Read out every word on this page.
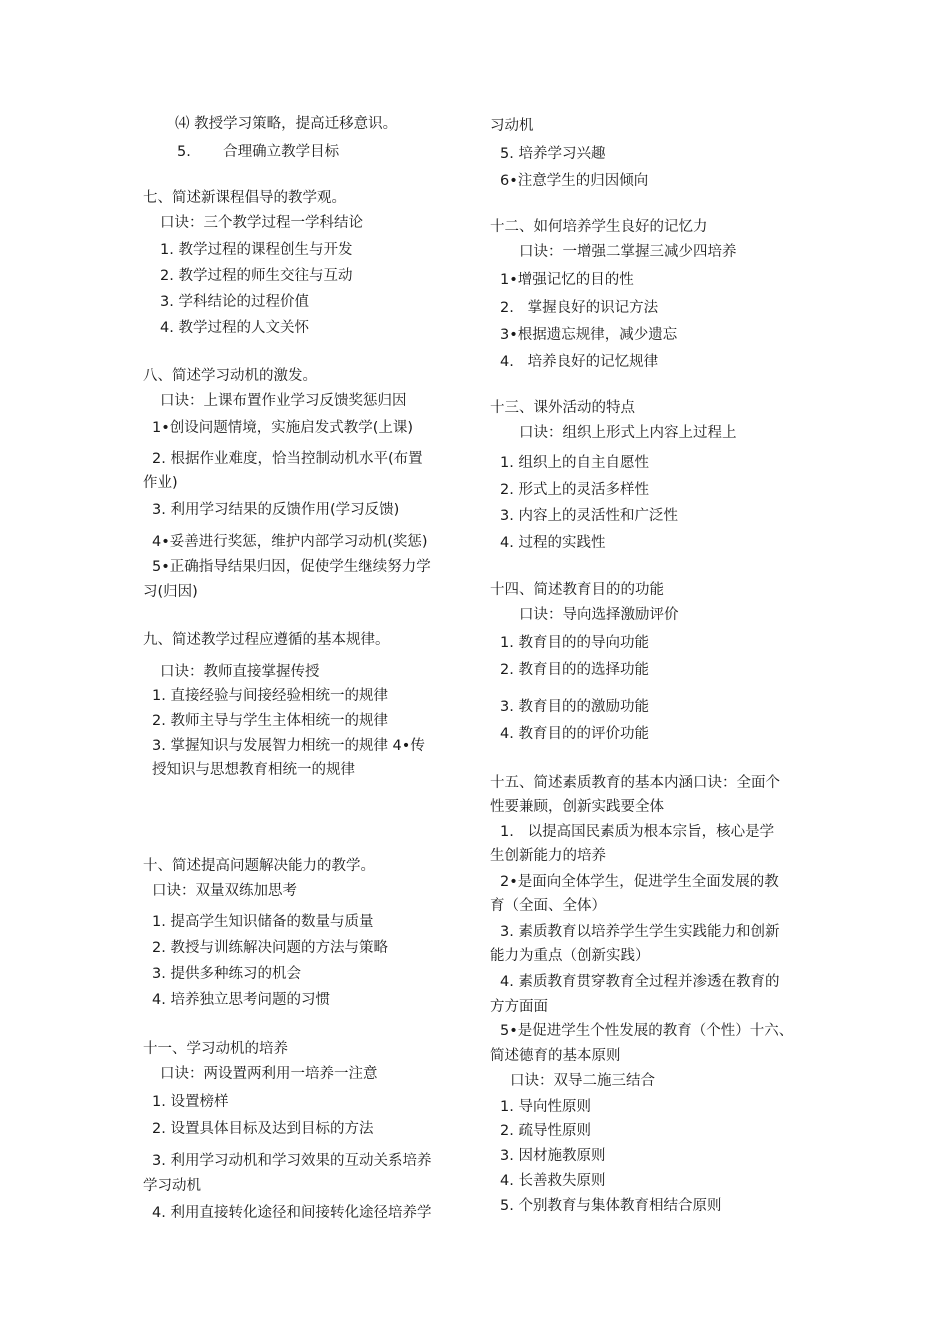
⑷ 教授学习策略，提高迁移意识。
5.       合理确立教学目标
七、简述新课程倡导的教学观。
口诀：三个教学过程一学科结论
1. 教学过程的课程创生与开发
2. 教学过程的师生交往与互动
3. 学科结论的过程价值
4. 教学过程的人文关怀
八、简述学习动机的激发。
口诀：上课布置作业学习反馈奖惩归因
1•创设问题情境，实施启发式教学(上课)
2. 根据作业难度，恰当控制动机水平(布置
作业)
3. 利用学习结果的反馈作用(学习反馈)
4•妥善进行奖惩，维护内部学习动机(奖惩)
5•正确指导结果归因，促使学生继续努力学
习(归因)
九、简述教学过程应遵循的基本规律。
口诀：教师直接掌握传授
1. 直接经验与间接经验相统一的规律
2. 教师主导与学生主体相统一的规律
3. 掌握知识与发展智力相统一的规律 4•传
授知识与思想教育相统一的规律
十、简述提高问题解决能力的教学。
口诀：双量双练加思考
1. 提高学生知识储备的数量与质量
2. 教授与训练解决问题的方法与策略
3. 提供多种练习的机会
4. 培养独立思考问题的习惯
十一、学习动机的培养
口诀：两设置两利用一培养一注意
1. 设置榜样
2. 设置具体目标及达到目标的方法
3. 利用学习动机和学习效果的互动关系培养
学习动机
4. 利用直接转化途径和间接转化途径培养学
习动机
5. 培养学习兴趣
6•注意学生的归因倾向
十二、如何培养学生良好的记忆力
口诀：一增强二掌握三减少四培养
1•增强记忆的目的性
2.   掌握良好的识记方法
3•根据遗忘规律，减少遗忘
4.   培养良好的记忆规律
十三、课外活动的特点
口诀：组织上形式上内容上过程上
1. 组织上的自主自愿性
2. 形式上的灵活多样性
3. 内容上的灵活性和广泛性
4. 过程的实践性
十四、简述教育目的的功能
口诀：导向选择激励评价
1. 教育目的的导向功能
2. 教育目的的选择功能
3. 教育目的的激励功能
4. 教育目的的评价功能
十五、简述素质教育的基本内涵口诀：全面个
性要兼顾，创新实践要全体
1.   以提高国民素质为根本宗旨，核心是学
生创新能力的培养
2•是面向全体学生，促进学生全面发展的教
育（全面、全体）
3. 素质教育以培养学生学生实践能力和创新
能力为重点（创新实践）
4. 素质教育贯穿教育全过程并渗透在教育的
方方面面
5•是促进学生个性发展的教育（个性）十六、
简述德育的基本原则
口诀：双导二施三结合
1. 导向性原则
2. 疏导性原则
3. 因材施教原则
4. 长善救失原则
5. 个别教育与集体教育相结合原则
